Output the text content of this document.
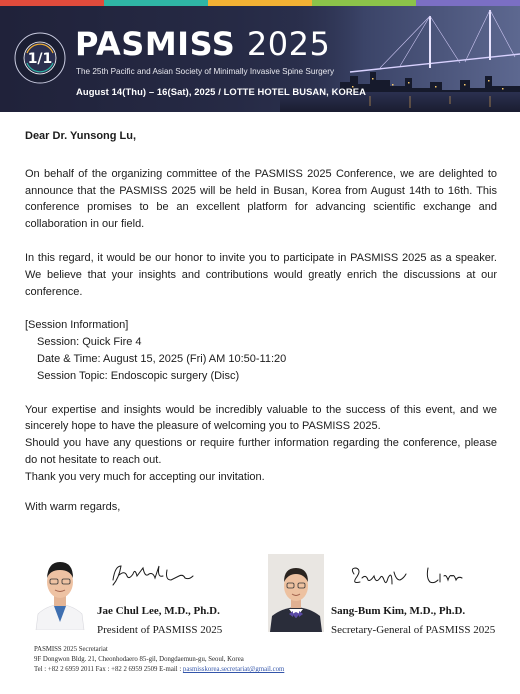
1/1 PASMISS 2025
The 25th Pacific and Asian Society of Minimally Invasive Spine Surgery
August 14(Thu) – 16(Sat), 2025 / LOTTE HOTEL BUSAN, KOREA
Dear Dr. Yunsong Lu,

On behalf of the organizing committee of the PASMISS 2025 Conference, we are delighted to announce that the PASMISS 2025 will be held in Busan, Korea from August 14th to 16th. This conference promises to be an excellent platform for advancing scientific exchange and collaboration in our field.

In this regard, it would be our honor to invite you to participate in PASMISS 2025 as a speaker. We believe that your insights and contributions would greatly enrich the discussions at our conference.

[Session Information]
Session: Quick Fire 4
Date & Time: August 15, 2025 (Fri) AM 10:50-11:20
Session Topic: Endoscopic surgery (Disc)

Your expertise and insights would be incredibly valuable to the success of this event, and we sincerely hope to have the pleasure of welcoming you to PASMISS 2025.

Should you have any questions or require further information regarding the conference, please do not hesitate to reach out.

Thank you very much for accepting our invitation.

With warm regards,

Jae Chul Lee, M.D., Ph.D.
President of PASMISS 2025
Sang-Bum Kim, M.D., Ph.D.
Secretary-General of PASMISS 2025
PASMISS 2025 Secretariat
9F Dongwon Bldg. 21, Cheonhodaero 85-gil, Dongdaemun-gu, Seoul, Korea
Tel : +82 2 6959 2011 Fax : +82 2 6959 2509 E-mail : pasmisskorea.secretariat@gmail.com
